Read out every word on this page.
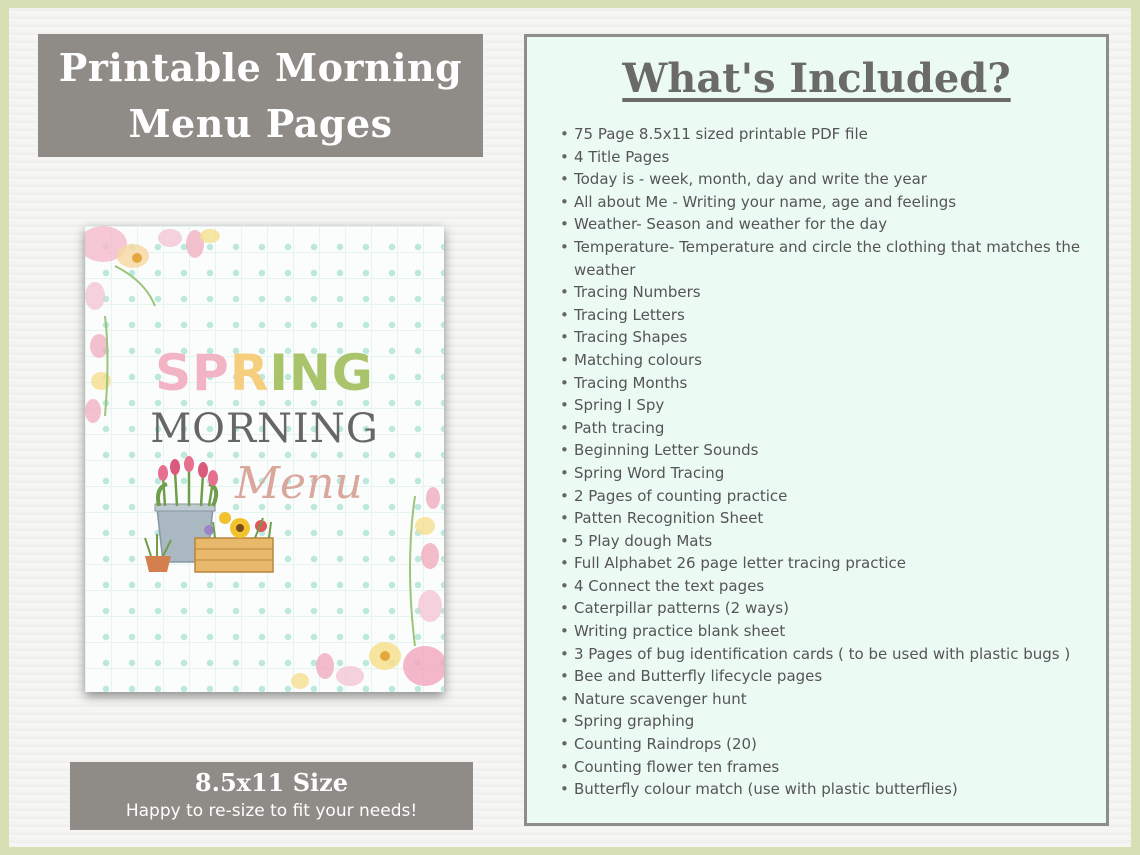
Printable Morning
Menu Pages
SPRING
MORNING
Menu
8.5x11 Size
Happy to re-size to fit your needs!
What's Included?
• 75 Page 8.5x11 sized printable PDF file
• 4 Title Pages
• Today is - week, month, day and write the year
• All about Me - Writing your name, age and feelings
• Weather- Season and weather for the day
• Temperature- Temperature and circle the clothing that matches the weather
• Tracing Numbers
• Tracing Letters
• Tracing Shapes
• Matching colours
• Tracing Months
• Spring I Spy
• Path tracing
• Beginning Letter Sounds
• Spring Word Tracing
• 2 Pages of counting practice
• Patten Recognition Sheet
• 5 Play dough Mats
• Full Alphabet 26 page letter tracing practice
• 4 Connect the text pages
• Caterpillar patterns (2 ways)
• Writing practice blank sheet
• 3 Pages of bug identification cards ( to be used with plastic bugs )
• Bee and Butterfly lifecycle pages
• Nature scavenger hunt
• Spring graphing
• Counting Raindrops (20)
• Counting flower ten frames
• Butterfly colour match (use with plastic butterflies)
